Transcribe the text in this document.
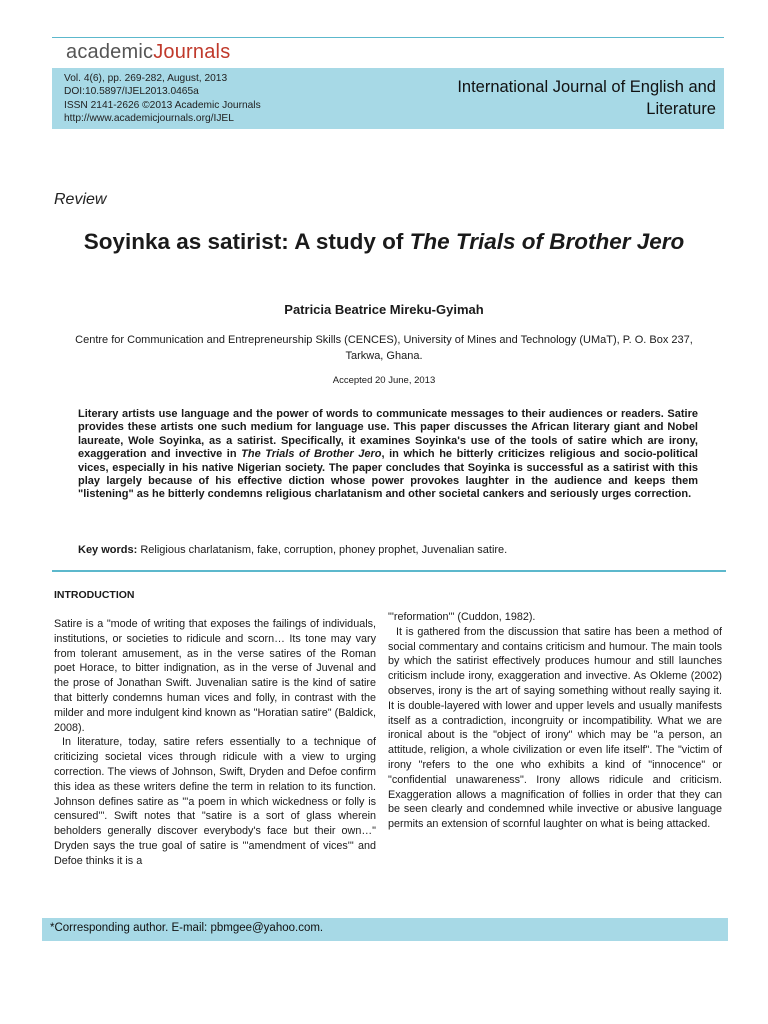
academicJournals
Vol. 4(6), pp. 269-282, August, 2013
DOI:10.5897/IJEL2013.0465a
ISSN 2141-2626 ©2013 Academic Journals
http://www.academicjournals.org/IJEL
International Journal of English and
Literature
Review
Soyinka as satirist: A study of The Trials of Brother Jero
Patricia Beatrice Mireku-Gyimah
Centre for Communication and Entrepreneurship Skills (CENCES), University of Mines and Technology (UMaT), P. O. Box 237, Tarkwa, Ghana.
Accepted 20 June, 2013
Literary artists use language and the power of words to communicate messages to their audiences or readers. Satire provides these artists one such medium for language use. This paper discusses the African literary giant and Nobel laureate, Wole Soyinka, as a satirist. Specifically, it examines Soyinka's use of the tools of satire which are irony, exaggeration and invective in The Trials of Brother Jero, in which he bitterly criticizes religious and socio-political vices, especially in his native Nigerian society. The paper concludes that Soyinka is successful as a satirist with this play largely because of his effective diction whose power provokes laughter in the audience and keeps them "listening" as he bitterly condemns religious charlatanism and other societal cankers and seriously urges correction.
Key words: Religious charlatanism, fake, corruption, phoney prophet, Juvenalian satire.
INTRODUCTION

Satire is a "mode of writing that exposes the failings of individuals, institutions, or societies to ridicule and scorn… Its tone may vary from tolerant amusement, as in the verse satires of the Roman poet Horace, to bitter indignation, as in the verse of Juvenal and the prose of Jonathan Swift. Juvenalian satire is the kind of satire that bitterly condemns human vices and folly, in contrast with the milder and more indulgent kind known as "Horatian satire" (Baldick, 2008).

In literature, today, satire refers essentially to a technique of criticizing societal vices through ridicule with a view to urging correction. The views of Johnson, Swift, Dryden and Defoe confirm this idea as these writers define the term in relation to its function. Johnson defines satire as "'a poem in which wickedness or folly is censured'". Swift notes that "satire is a sort of glass wherein beholders generally discover everybody's face but their own…" Dryden says the true goal of satire is "'amendment of vices'" and Defoe thinks it is a

"'reformation'" (Cuddon, 1982).

It is gathered from the discussion that satire has been a method of social commentary and contains criticism and humour. The main tools by which the satirist effectively produces humour and still launches criticism include irony, exaggeration and invective. As Okleme (2002) observes, irony is the art of saying something without really saying it. It is double-layered with lower and upper levels and usually manifests itself as a contradiction, incongruity or incompatibility. What we are ironical about is the "object of irony" which may be "a person, an attitude, religion, a whole civilization or even life itself". The "victim of irony "refers to the one who exhibits a kind of "innocence" or "confidential unawareness". Irony allows ridicule and criticism. Exaggeration allows a magnification of follies in order that they can be seen clearly and condemned while invective or abusive language permits an extension of scornful laughter on what is being attacked.

*Corresponding author. E-mail: pbmgee@yahoo.com.
